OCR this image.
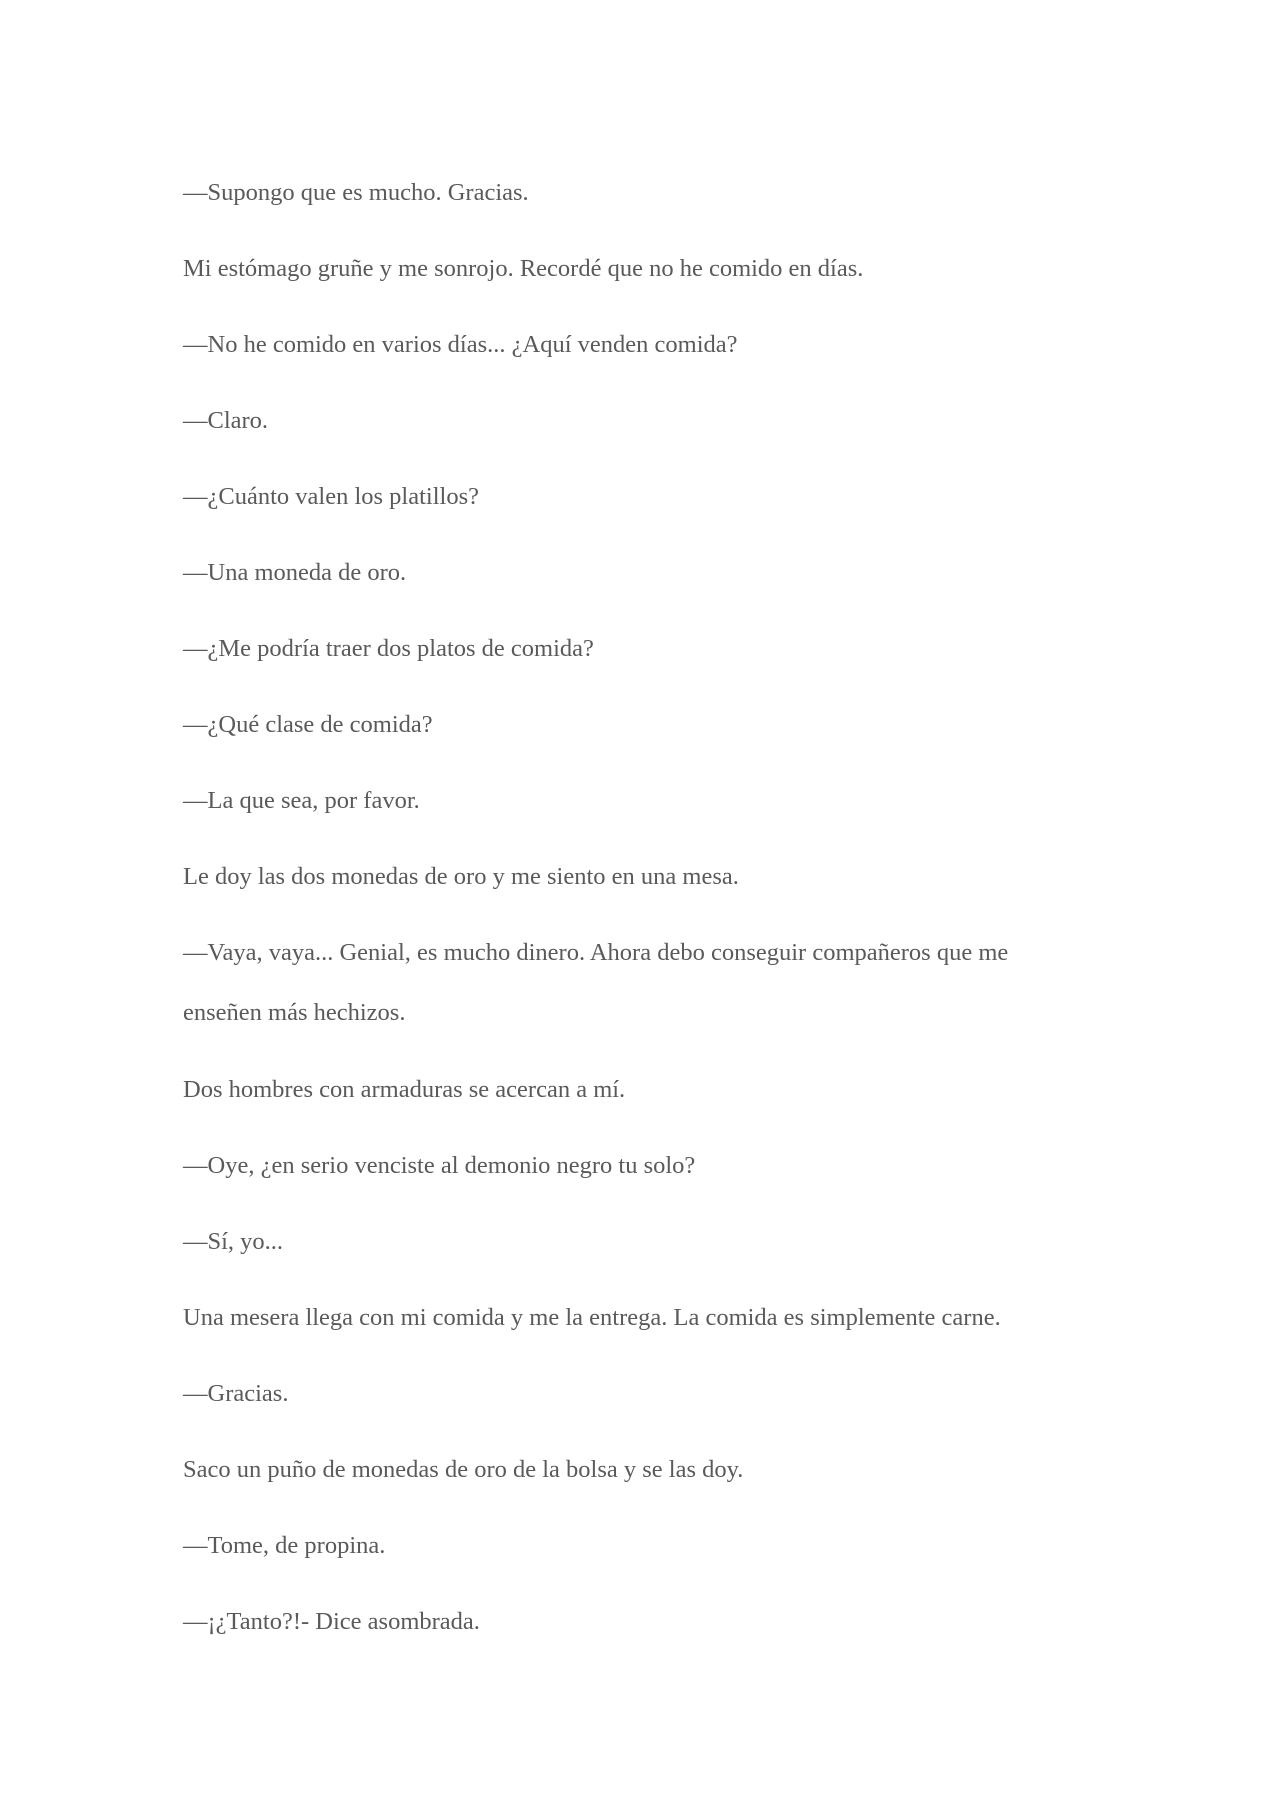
—Supongo que es mucho. Gracias.

Mi estómago gruñe y me sonrojo. Recordé que no he comido en días.

—No he comido en varios días... ¿Aquí venden comida?

—Claro.

—¿Cuánto valen los platillos?

—Una moneda de oro.

—¿Me podría traer dos platos de comida?

—¿Qué clase de comida?

—La que sea, por favor.

Le doy las dos monedas de oro y me siento en una mesa.

—Vaya, vaya... Genial, es mucho dinero. Ahora debo conseguir compañeros que me enseñen más hechizos.

Dos hombres con armaduras se acercan a mí.

—Oye, ¿en serio venciste al demonio negro tu solo?

—Sí, yo...

Una mesera llega con mi comida y me la entrega. La comida es simplemente carne.

—Gracias.

Saco un puño de monedas de oro de la bolsa y se las doy.

—Tome, de propina.

—¡¿Tanto?!- Dice asombrada.
